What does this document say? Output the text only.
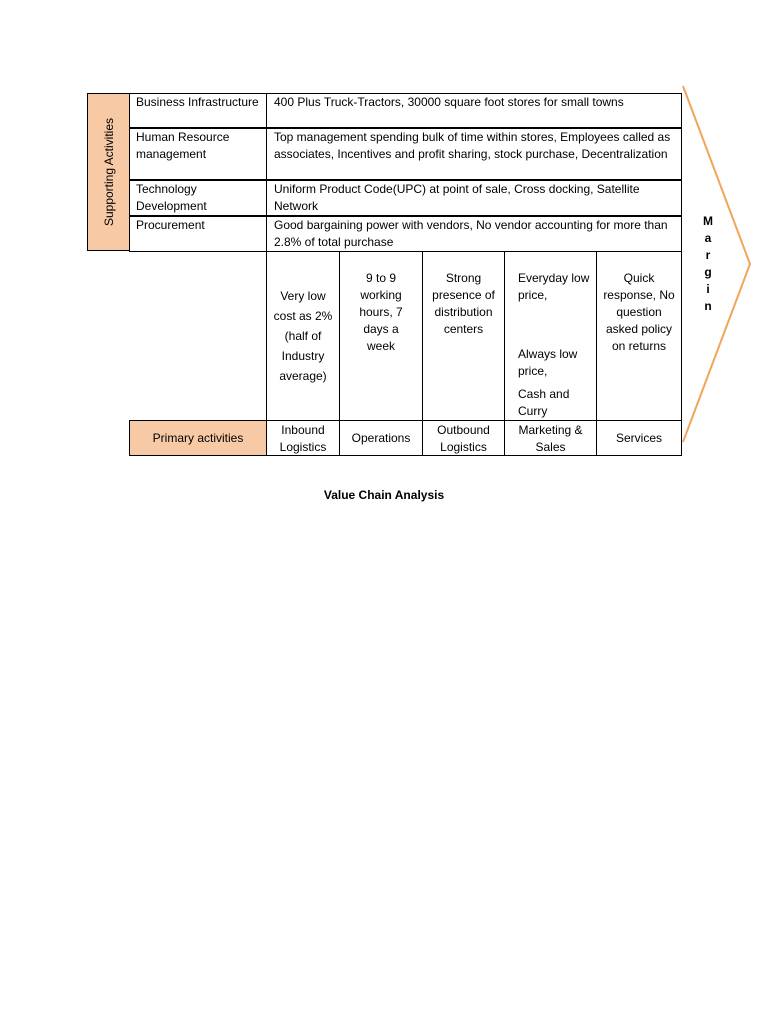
Supporting Activities
Business Infrastructure
Human Resource management
Technology Development
Procurement
400 Plus Truck-Tractors, 30000 square foot stores for small towns
Top management spending bulk of time within stores, Employees called as associates, Incentives and profit sharing, stock purchase, Decentralization
Uniform Product Code(UPC) at point of sale, Cross docking, Satellite Network
Good bargaining power with vendors, No vendor accounting for more than 2.8% of total purchase
Very low cost as 2%(half of Industry average)
9 to 9 working hours, 7 days a week
Strong presence of distribution centers
Everyday low price,
Always low price,
Cash and Curry
Quick response, No question asked policy on returns
Primary activities
Inbound Logistics
Operations
Outbound Logistics
Marketing & Sales
Services
M
a
r
g
i
n
Value Chain Analysis
